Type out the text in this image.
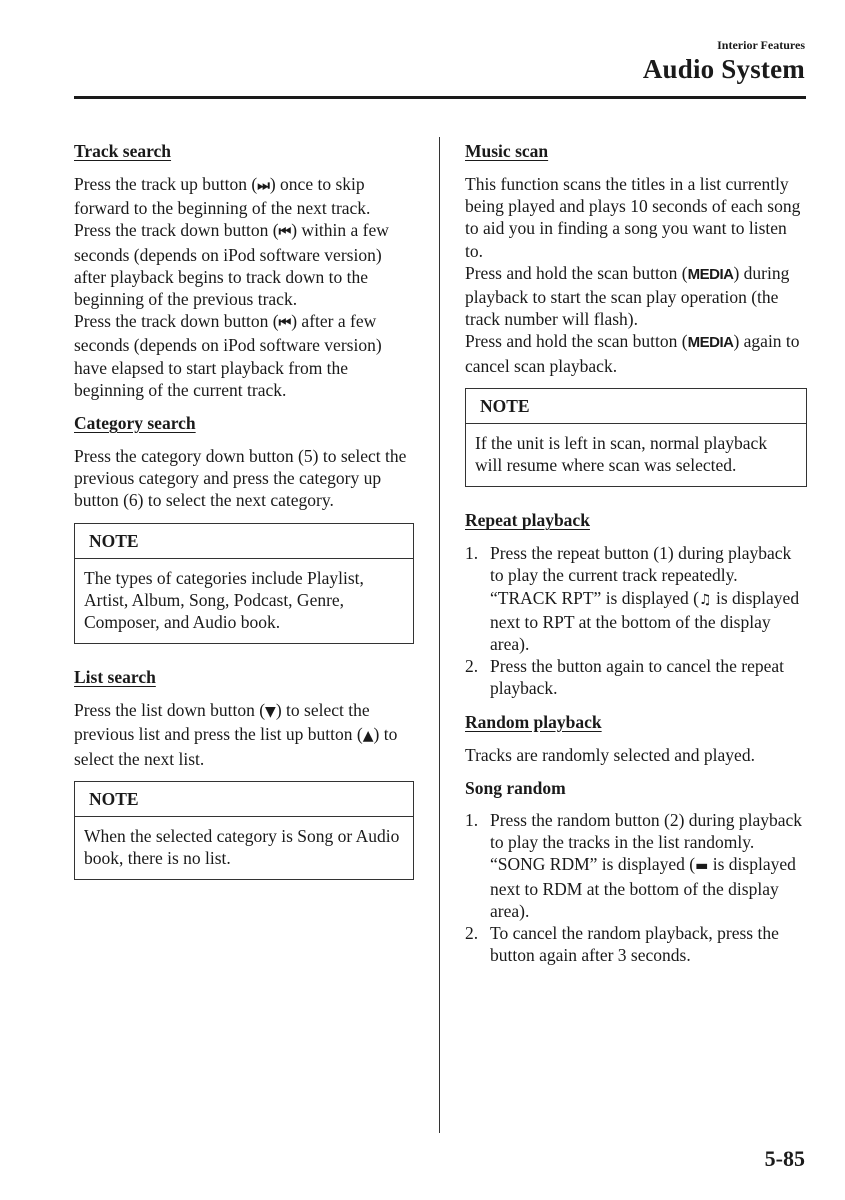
Interior Features
Audio System
Track search

Press the track up button (⏭) once to skip forward to the beginning of the next track.

Press the track down button (⏮) within a few seconds (depends on iPod software version) after playback begins to track down to the beginning of the previous track.

Press the track down button (⏮) after a few seconds (depends on iPod software version) have elapsed to start playback from the beginning of the current track.

Category search

Press the category down button (5) to select the previous category and press the category up button (6) to select the next category.

NOTE
The types of categories include Playlist, Artist, Album, Song, Podcast, Genre, Composer, and Audio book.
List search

Press the list down button (▼) to select the previous list and press the list up button (▲) to select the next list.

NOTE
When the selected category is Song or Audio book, there is no list.
Music scan

This function scans the titles in a list currently being played and plays 10 seconds of each song to aid you in finding a song you want to listen to.

Press and hold the scan button (MEDIA) during playback to start the scan play operation (the track number will flash).

Press and hold the scan button (MEDIA) again to cancel scan playback.

NOTE
If the unit is left in scan, normal playback will resume where scan was selected.
Repeat playback
1. Press the repeat button (1) during playback to play the current track repeatedly. “TRACK RPT” is displayed (♫ is displayed next to RPT at the bottom of the display area).
2. Press the button again to cancel the repeat playback.
Random playback

Tracks are randomly selected and played.

Song random
1. Press the random button (2) during playback to play the tracks in the list randomly. “SONG RDM” is displayed (▬ is displayed next to RDM at the bottom of the display area).
2. To cancel the random playback, press the button again after 3 seconds.
5-85
